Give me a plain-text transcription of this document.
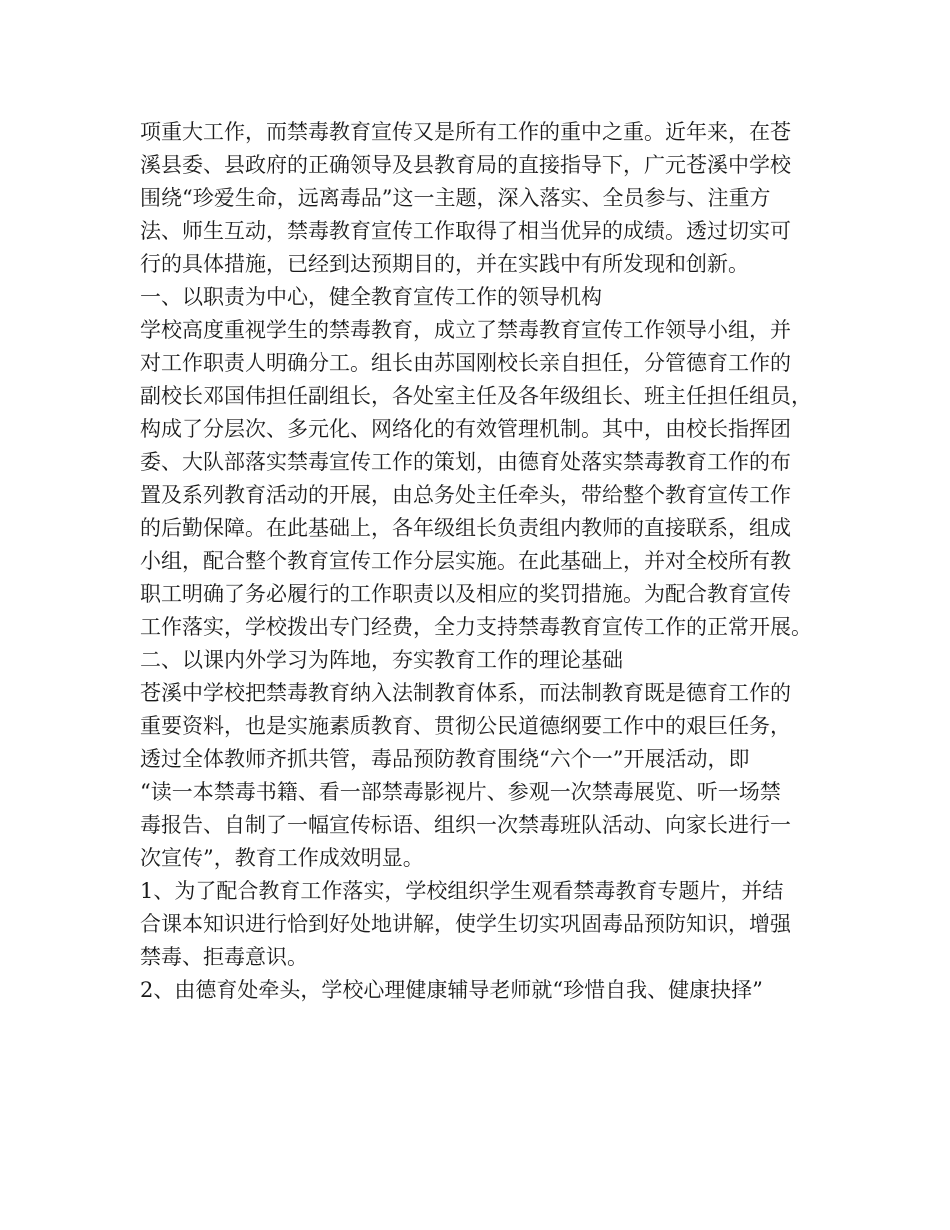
项重大工作，而禁毒教育宣传又是所有工作的重中之重。近年来，在苍
溪县委、县政府的正确领导及县教育局的直接指导下，广元苍溪中学校
围绕“珍爱生命，远离毒品”这一主题，深入落实、全员参与、注重方
法、师生互动，禁毒教育宣传工作取得了相当优异的成绩。透过切实可
行的具体措施，已经到达预期目的，并在实践中有所发现和创新。
一、以职责为中心，健全教育宣传工作的领导机构
学校高度重视学生的禁毒教育，成立了禁毒教育宣传工作领导小组，并
对工作职责人明确分工。组长由苏国刚校长亲自担任，分管德育工作的
副校长邓国伟担任副组长，各处室主任及各年级组长、班主任担任组员，
构成了分层次、多元化、网络化的有效管理机制。其中，由校长指挥团
委、大队部落实禁毒宣传工作的策划，由德育处落实禁毒教育工作的布
置及系列教育活动的开展，由总务处主任牵头，带给整个教育宣传工作
的后勤保障。在此基础上，各年级组长负责组内教师的直接联系，组成
小组，配合整个教育宣传工作分层实施。在此基础上，并对全校所有教
职工明确了务必履行的工作职责以及相应的奖罚措施。为配合教育宣传
工作落实，学校拨出专门经费，全力支持禁毒教育宣传工作的正常开展。
二、以课内外学习为阵地，夯实教育工作的理论基础
苍溪中学校把禁毒教育纳入法制教育体系，而法制教育既是德育工作的
重要资料，也是实施素质教育、贯彻公民道德纲要工作中的艰巨任务，
透过全体教师齐抓共管，毒品预防教育围绕“六个一”开展活动，即
“读一本禁毒书籍、看一部禁毒影视片、参观一次禁毒展览、听一场禁
毒报告、自制了一幅宣传标语、组织一次禁毒班队活动、向家长进行一
次宣传”，教育工作成效明显。
1、为了配合教育工作落实，学校组织学生观看禁毒教育专题片，并结
合课本知识进行恰到好处地讲解，使学生切实巩固毒品预防知识，增强
禁毒、拒毒意识。
2、由德育处牵头，学校心理健康辅导老师就“珍惜自我、健康抉择”
